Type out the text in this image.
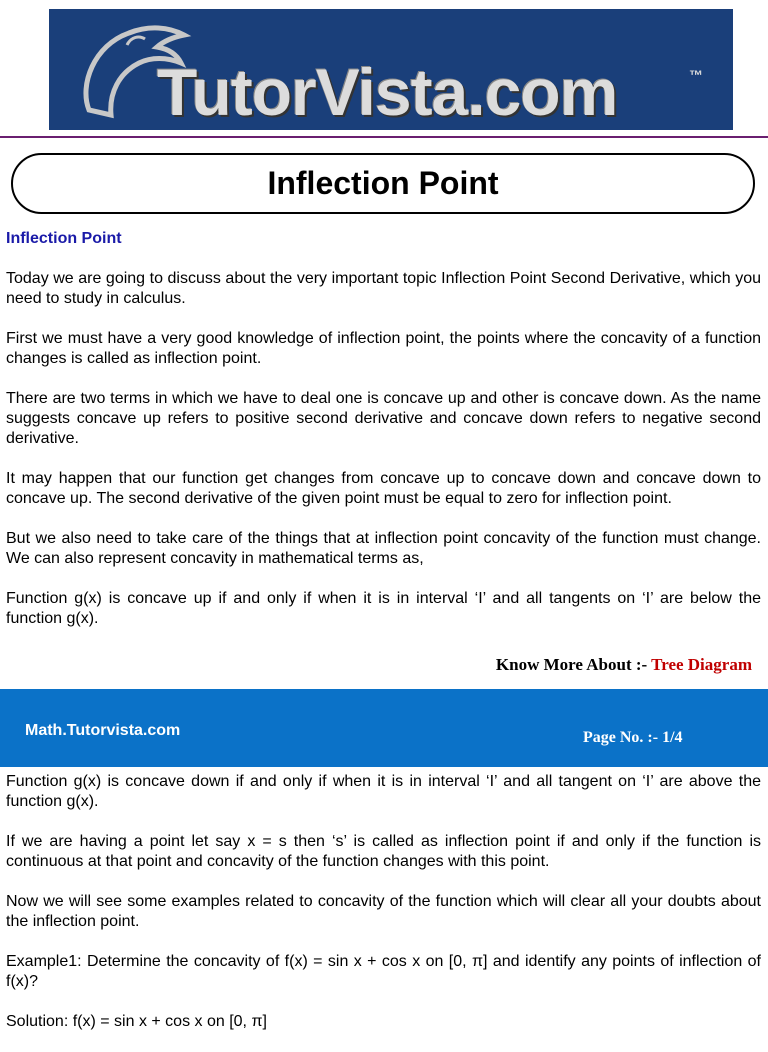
TutorVista.com	™
Inflection Point

Inflection Point

Today we are going to discuss about the very important topic Inflection Point Second Derivative, which you need to study in calculus.

First we must have a very good knowledge of inflection point, the points where the concavity of a function changes is called as inflection point.

There are two terms in which we have to deal one is concave up and other is concave down. As the name suggests concave up refers to positive second derivative and concave down refers to negative second derivative.

It may happen that our function get changes from concave up to concave down and concave down to concave up. The second derivative of the given point must be equal to zero for inflection point.

But we also need to take care of the things that at inflection point concavity of the function must change. We can also represent concavity in mathematical terms as,

Function g(x) is concave up if and only if when it is in interval ‘I’ and all tangents on ‘I’ are below the function g(x).

Know More About :- Tree Diagram
Math.Tutorvista.com	Page No. :- 1/4

Function g(x) is concave down if and only if when it is in interval ‘I’ and all tangent on ‘I’ are above the function g(x).

If we are having a point let say x = s then ‘s’ is called as inflection point if and only if the function is continuous at that point and concavity of the function changes with this point.

Now we will see some examples related to concavity of the function which will clear all your doubts about the inflection point.

Example1: Determine the concavity of f(x) = sin x + cos x on [0, π] and identify any points of inflection of f(x)?

Solution: f(x) = sin x + cos x on [0, π]
